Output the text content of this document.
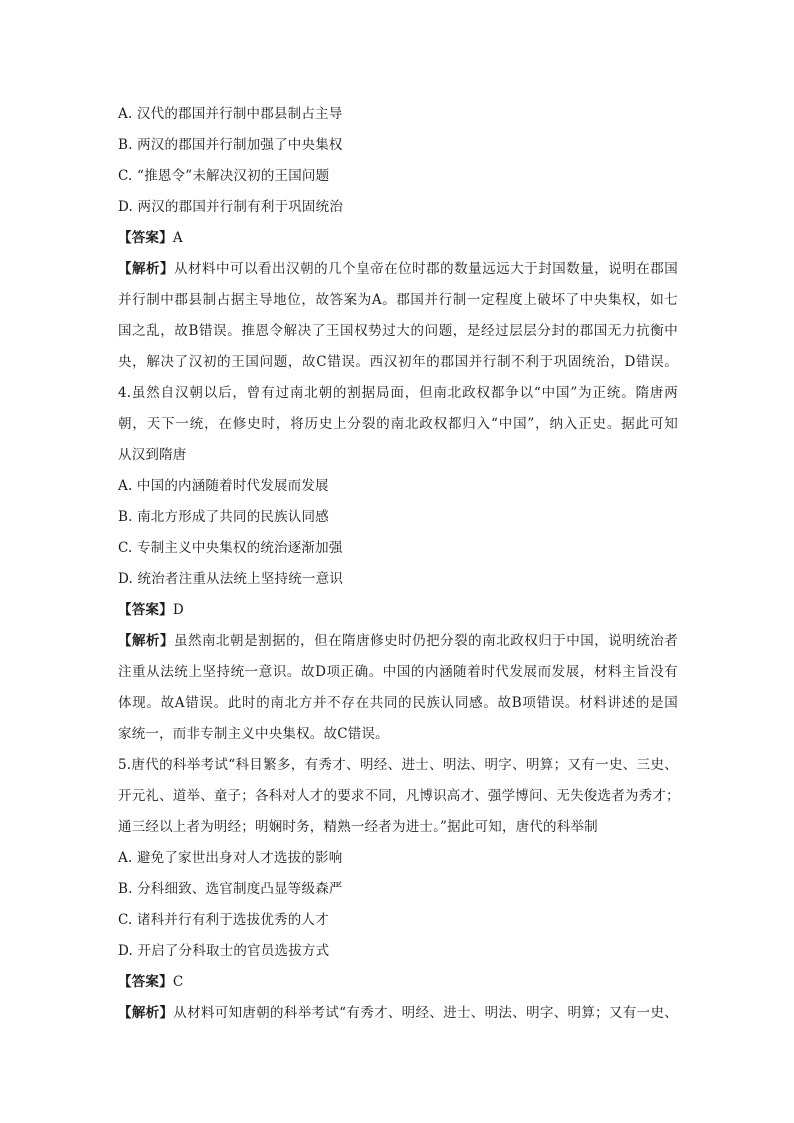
A. 汉代的郡国并行制中郡县制占主导
B. 两汉的郡国并行制加强了中央集权
C. “推恩令”未解决汉初的王国问题
D. 两汉的郡国并行制有利于巩固统治
【答案】A
【解析】从材料中可以看出汉朝的几个皇帝在位时郡的数量远远大于封国数量，说明在郡国
并行制中郡县制占据主导地位，故答案为A。郡国并行制一定程度上破坏了中央集权，如七
国之乱，故B错误。推恩令解决了王国权势过大的问题，是经过层层分封的郡国无力抗衡中
央，解决了汉初的王国问题，故C错误。西汉初年的郡国并行制不利于巩固统治，D错误。
4.虽然自汉朝以后，曾有过南北朝的割据局面，但南北政权都争以“中国”为正统。隋唐两
朝，天下一统，在修史时，将历史上分裂的南北政权都归入“中国”，纳入正史。据此可知
从汉到隋唐
A. 中国的内涵随着时代发展而发展
B. 南北方形成了共同的民族认同感
C. 专制主义中央集权的统治逐渐加强
D. 统治者注重从法统上坚持统一意识
【答案】D
【解析】虽然南北朝是割据的，但在隋唐修史时仍把分裂的南北政权归于中国，说明统治者
注重从法统上坚持统一意识。故D项正确。中国的内涵随着时代发展而发展，材料主旨没有
体现。故A错误。此时的南北方并不存在共同的民族认同感。故B项错误。材料讲述的是国
家统一，而非专制主义中央集权。故C错误。
5.唐代的科举考试“科目繁多，有秀才、明经、进士、明法、明字、明算；又有一史、三史、
开元礼、道举、童子；各科对人才的要求不同，凡博识高才、强学博问、无失俊选者为秀才；
通三经以上者为明经；明娴时务，精熟一经者为进士。”据此可知，唐代的科举制
A. 避免了家世出身对人才选拔的影响
B. 分科细致、选官制度凸显等级森严
C. 诸科并行有利于选拔优秀的人才
D. 开启了分科取士的官员选拔方式
【答案】C
【解析】从材料可知唐朝的科举考试“有秀才、明经、进士、明法、明字、明算；又有一史、
